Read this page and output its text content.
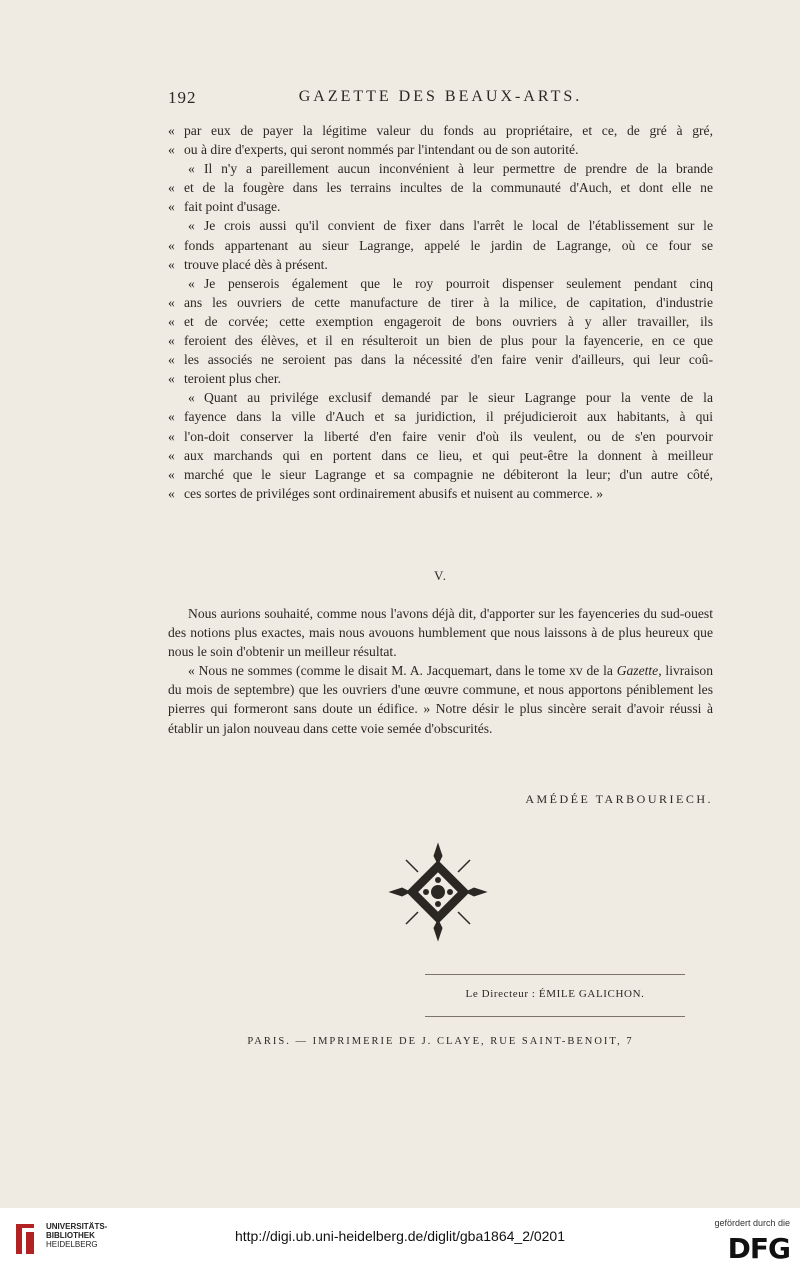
192	GAZETTE DES BEAUX-ARTS.
« par eux de payer la légitime valeur du fonds au propriétaire, et ce, de gré à gré,
« ou à dire d'experts, qui seront nommés par l'intendant ou de son autorité.
« Il n'y a pareillement aucun inconvénient à leur permettre de prendre de la brande
« et de la fougère dans les terrains incultes de la communauté d'Auch, et dont elle ne
« fait point d'usage.
« Je crois aussi qu'il convient de fixer dans l'arrêt le local de l'établissement sur le
« fonds appartenant au sieur Lagrange, appelé le jardin de Lagrange, où ce four se
« trouve placé dès à présent.
« Je penserois également que le roy pourroit dispenser seulement pendant cinq
« ans les ouvriers de cette manufacture de tirer à la milice, de capitation, d'industrie
« et de corvée; cette exemption engageroit de bons ouvriers à y aller travailler, ils
« feroient des élèves, et il en résulteroit un bien de plus pour la fayencerie, en ce que
« les associés ne seroient pas dans la nécessité d'en faire venir d'ailleurs, qui leur coû-
« teroient plus cher.
« Quant au privilége exclusif demandé par le sieur Lagrange pour la vente de la
« fayence dans la ville d'Auch et sa juridiction, il préjudicieroit aux habitants, à qui
« l'on-doit conserver la liberté d'en faire venir d'où ils veulent, ou de s'en pourvoir
« aux marchands qui en portent dans ce lieu, et qui peut-être la donnent à meilleur
« marché que le sieur Lagrange et sa compagnie ne débiteront la leur; d'un autre côté,
« ces sortes de priviléges sont ordinairement abusifs et nuisent au commerce. »
V.

Nous aurions souhaité, comme nous l'avons déjà dit, d'apporter sur les fayenceries du sud-ouest des notions plus exactes, mais nous avouons humblement que nous laissons à de plus heureux que nous le soin d'obtenir un meilleur résultat.

« Nous ne sommes (comme le disait M. A. Jacquemart, dans le tome xv de la Gazette, livraison du mois de septembre) que les ouvriers d'une œuvre commune, et nous apportons péniblement les pierres qui formeront sans doute un édifice. » Notre désir le plus sincère serait d'avoir réussi à établir un jalon nouveau dans cette voie semée d'obscurités.

AMÉDÉE TARBOURIECH.
Le Directeur : ÉMILE GALICHON.
PARIS. — IMPRIMERIE DE J. CLAYE, RUE SAINT-BENOIT, 7
UNIVERSITÄTS-
BIBLIOTHEK
HEIDELBERG
http://digi.ub.uni-heidelberg.de/diglit/gba1864_2/0201
gefördert durch die
DFG
